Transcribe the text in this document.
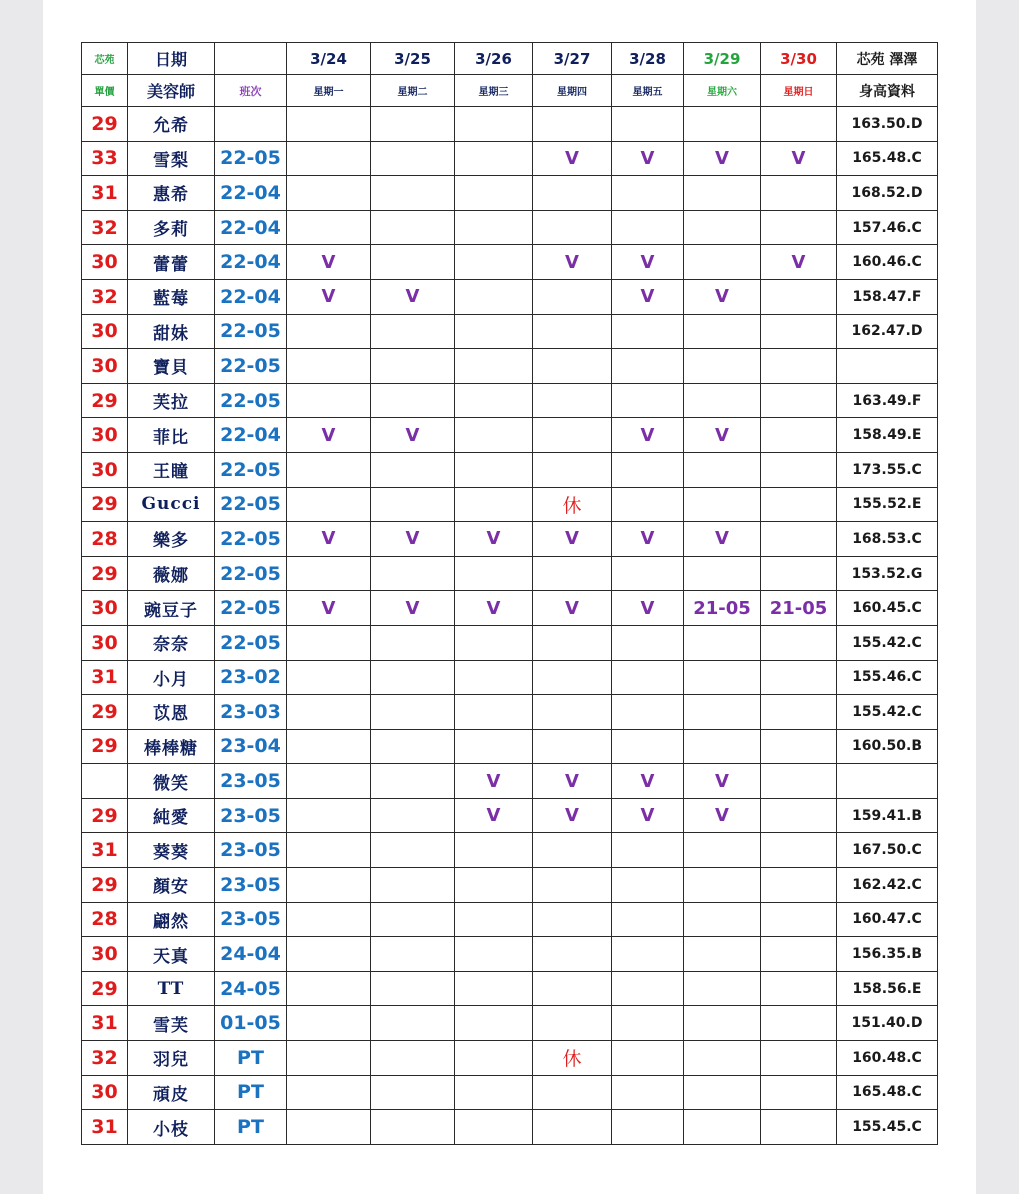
芯苑	日期		3/24	3/25	3/26	3/27	3/28	3/29	3/30	芯苑 澤澤
單價	美容師	班次	星期一	星期二	星期三	星期四	星期五	星期六	星期日	身高資料
29	允希									163.50.D
33	雪梨	22-05				V	V	V	V	165.48.C
31	惠希	22-04								168.52.D
32	多莉	22-04								157.46.C
30	蕾蕾	22-04	V			V	V		V	160.46.C
32	藍莓	22-04	V	V			V	V		158.47.F
30	甜妹	22-05								162.47.D
30	寶貝	22-05								
29	芙拉	22-05								163.49.F
30	菲比	22-04	V	V			V	V		158.49.E
30	王瞳	22-05								173.55.C
29	Gucci	22-05				休				155.52.E
28	樂多	22-05	V	V	V	V	V	V		168.53.C
29	薇娜	22-05								153.52.G
30	豌豆子	22-05	V	V	V	V	V	21-05	21-05	160.45.C
30	奈奈	22-05								155.42.C
31	小月	23-02								155.46.C
29	苡恩	23-03								155.42.C
29	棒棒糖	23-04								160.50.B
	微笑	23-05			V	V	V	V		
29	純愛	23-05			V	V	V	V		159.41.B
31	葵葵	23-05								167.50.C
29	顏安	23-05								162.42.C
28	翩然	23-05								160.47.C
30	天真	24-04								156.35.B
29	TT	24-05								158.56.E
31	雪芙	01-05								151.40.D
32	羽兒	PT				休				160.48.C
30	頑皮	PT								165.48.C
31	小枝	PT								155.45.C
